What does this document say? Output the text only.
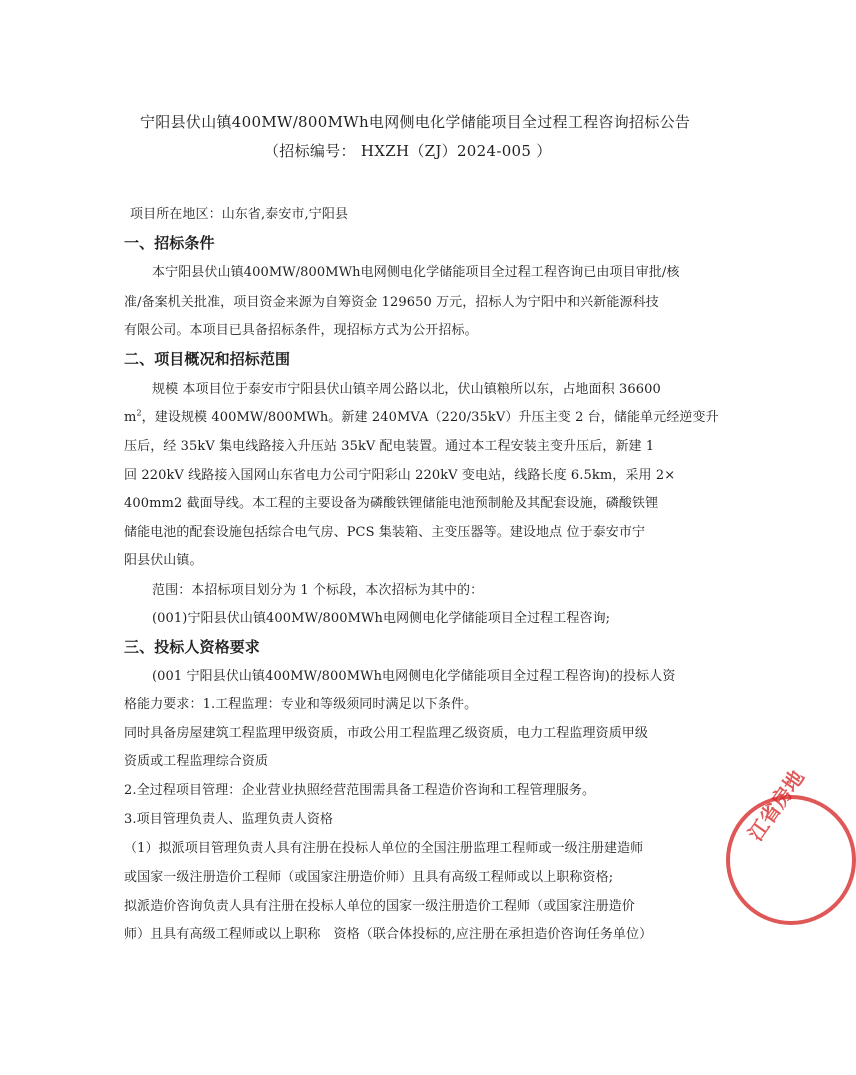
宁阳县伏山镇400MW/800MWh电网侧电化学储能项目全过程工程咨询招标公告
（招标编号： HXZH（ZJ）2024-005 ）
项目所在地区：山东省,泰安市,宁阳县
一、招标条件
本宁阳县伏山镇400MW/800MWh电网侧电化学储能项目全过程工程咨询已由项目审批/核
准/备案机关批准，项目资金来源为自筹资金 129650 万元，招标人为宁阳中和兴新能源科技
有限公司。本项目已具备招标条件，现招标方式为公开招标。
二、项目概况和招标范围
规模 本项目位于泰安市宁阳县伏山镇辛周公路以北，伏山镇粮所以东，占地面积 36600
$m^2$，建设规模 400MW/800MWh。新建 240MVA（220/35kV）升压主变 2 台，储能单元经逆变升
压后，经 35kV 集电线路接入升压站 35kV 配电装置。通过本工程安装主变升压后，新建 1
回 220kV 线路接入国网山东省电力公司宁阳彩山 220kV 变电站，线路长度 6.5km，采用 2×
400mm2 截面导线。本工程的主要设备为磷酸铁锂储能电池预制舱及其配套设施，磷酸铁锂
储能电池的配套设施包括综合电气房、PCS 集装箱、主变压器等。建设地点 位于泰安市宁
阳县伏山镇。
范围：本招标项目划分为 1 个标段，本次招标为其中的：
(001)宁阳县伏山镇400MW/800MWh电网侧电化学储能项目全过程工程咨询;
三、投标人资格要求
(001 宁阳县伏山镇400MW/800MWh电网侧电化学储能项目全过程工程咨询)的投标人资
格能力要求：1.工程监理：专业和等级须同时满足以下条件。
同时具备房屋建筑工程监理甲级资质，市政公用工程监理乙级资质，电力工程监理资质甲级
资质或工程监理综合资质
2.全过程项目管理：企业营业执照经营范围需具备工程造价咨询和工程管理服务。
3.项目管理负责人、监理负责人资格
（1）拟派项目管理负责人具有注册在投标人单位的全国注册监理工程师或一级注册建造师
或国家一级注册造价工程师（或国家注册造价师）且具有高级工程师或以上职称资格;
拟派造价咨询负责人具有注册在投标人单位的国家一级注册造价工程师（或国家注册造价
师）且具有高级工程师或以上职称　资格（联合体投标的,应注册在承担造价咨询任务单位）
江省房地
